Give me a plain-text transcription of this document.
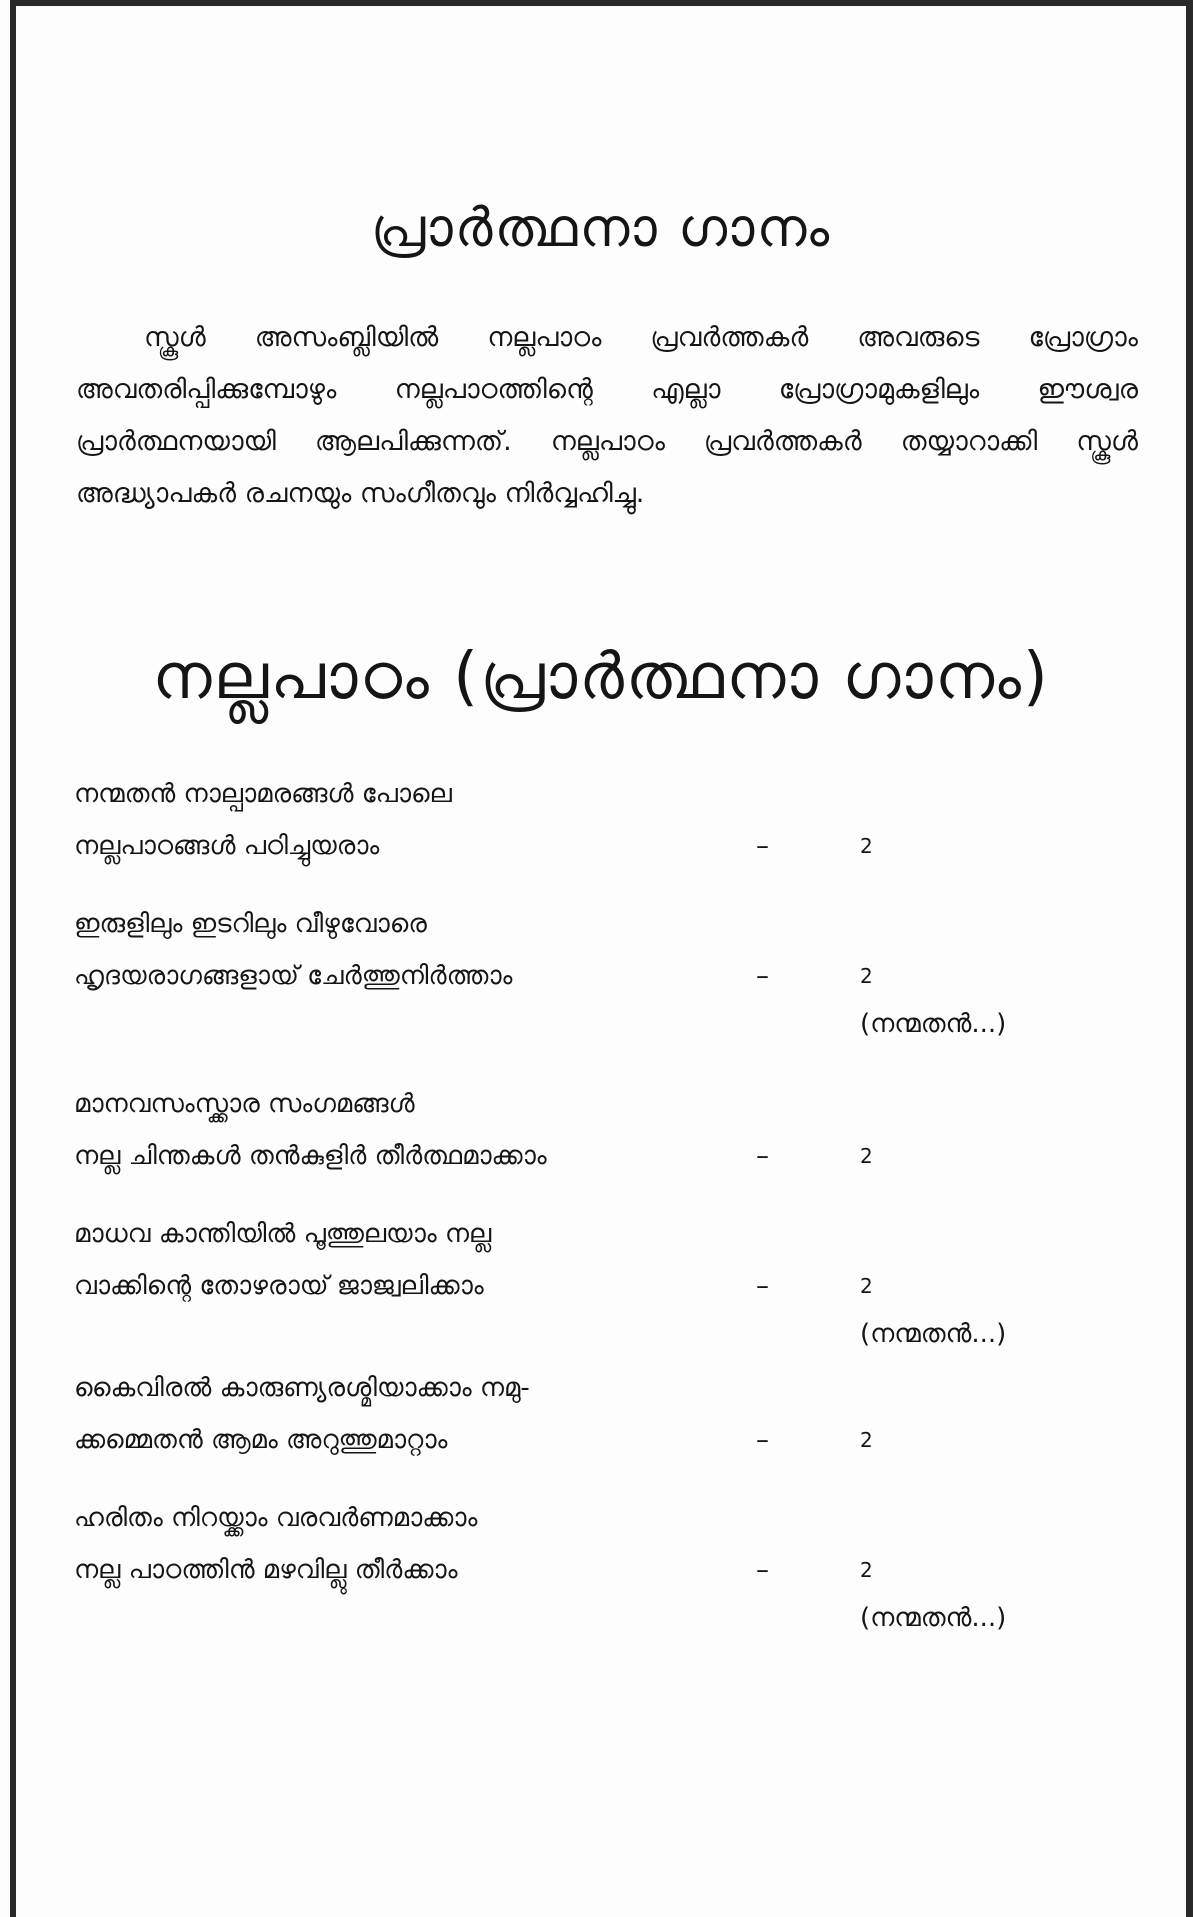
പ്രാർത്ഥനാ ഗാനം

സ്കൂൾ അസംബ്ലിയിൽ നല്ലപാഠം പ്രവർത്തകർ അവരുടെ പ്രോഗ്രാം അവതരിപ്പിക്കുമ്പോഴും നല്ലപാഠത്തിന്റെ എല്ലാ പ്രോഗ്രാമുകളിലും ഈശ്വര പ്രാർത്ഥനയായി ആലപിക്കുന്നത്. നല്ലപാഠം പ്രവർത്തകർ തയ്യാറാക്കി സ്കൂൾ അദ്ധ്യാപകർ രചനയും സംഗീതവും നിർവ്വഹിച്ചു.

നല്ലപാഠം (പ്രാർത്ഥനാ ഗാനം)
നന്മതൻ നാല്പാമരങ്ങൾ പോലെ
നല്ലപാഠങ്ങൾ പഠിച്ചുയരാം	–	2
ഇരുളിലും ഇടറിലും വീഴുവോരെ
ഹൃദയരാഗങ്ങളായ് ചേർത്തുനിർത്താം	–	2
(നന്മതൻ...)
മാനവസംസ്ക്കാര സംഗമങ്ങൾ
നല്ല ചിന്തകൾ തൻകുളിർ തീർത്ഥമാക്കാം	–	2
മാധവ കാന്തിയിൽ പൂത്തുലയാം നല്ല
വാക്കിന്റെ തോഴരായ് ജാജ്വലിക്കാം	–	2
(നന്മതൻ...)
കൈവിരൽ കാരുണ്യരശ്മിയാക്കാം നമു-
ക്കമ്മെതൻ ആമം അറുത്തുമാറ്റാം	–	2
ഹരിതം നിറയ്ക്കാം വരവർണമാക്കാം
നല്ല പാഠത്തിൻ മഴവില്ലു തീർക്കാം	–	2
(നന്മതൻ...)
